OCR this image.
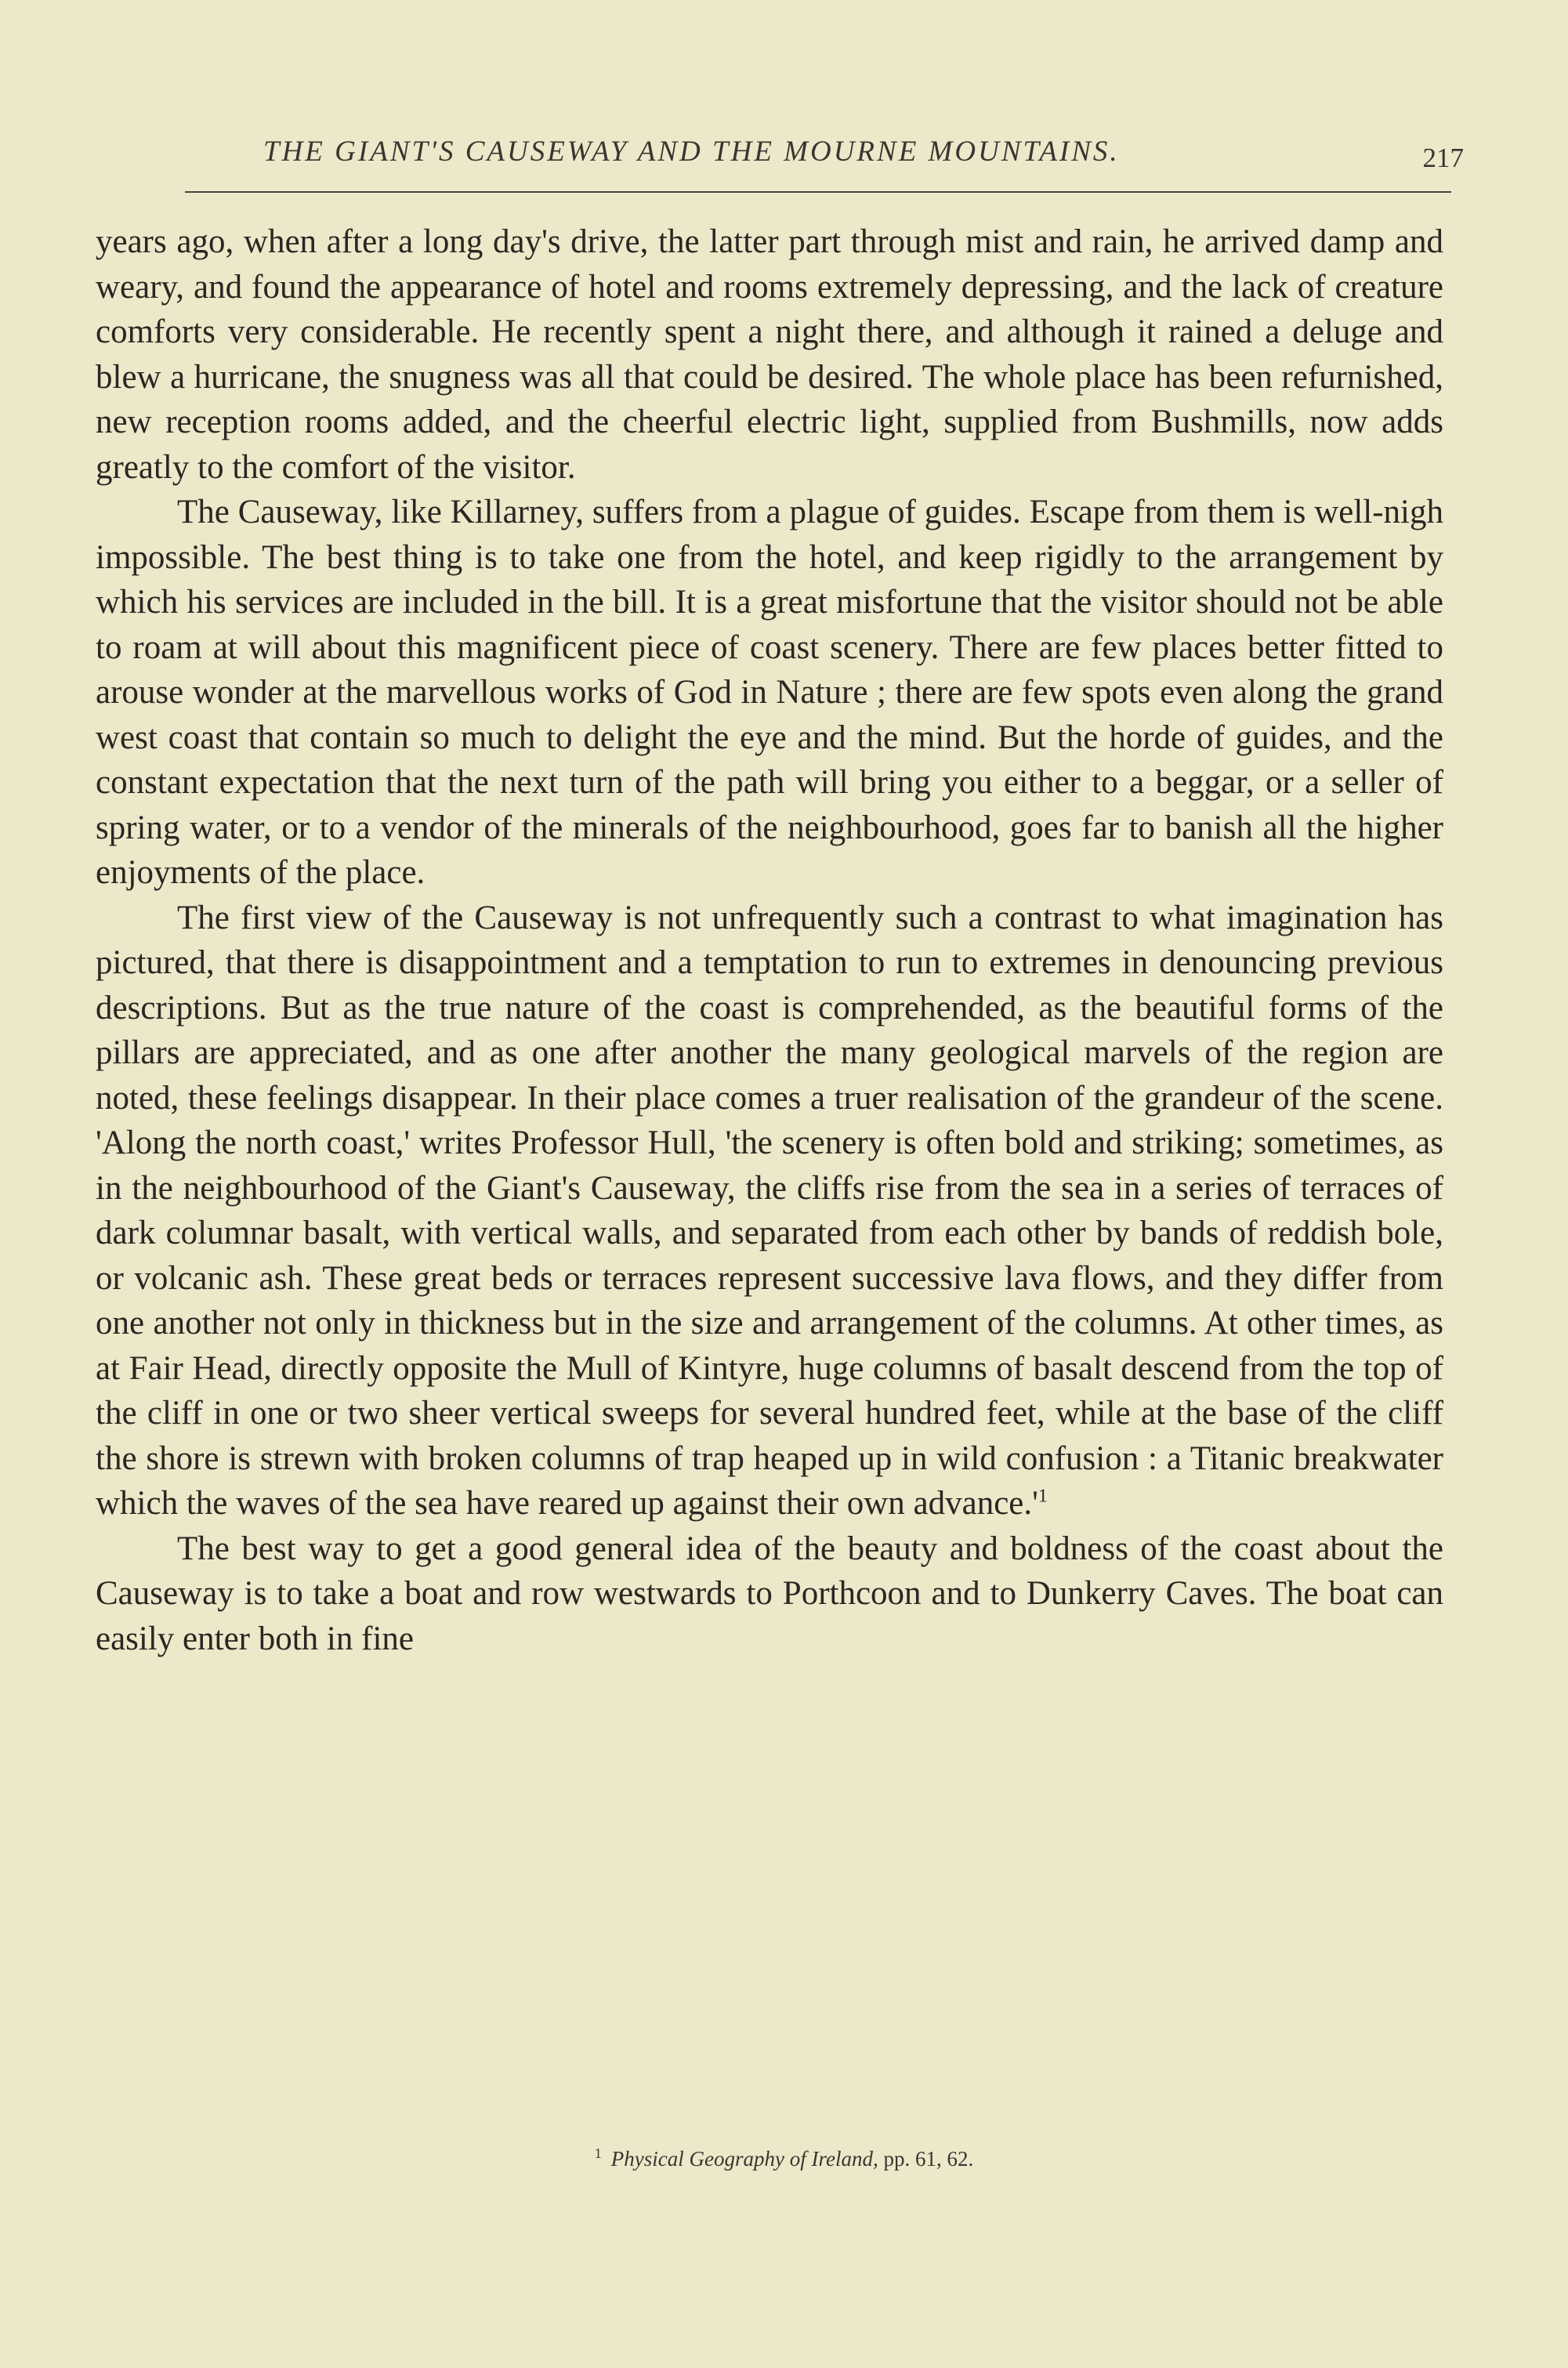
THE GIANT'S CAUSEWAY AND THE MOURNE MOUNTAINS.	217

years ago, when after a long day's drive, the latter part through mist and rain, he arrived damp and weary, and found the appearance of hotel and rooms extremely depressing, and the lack of creature comforts very considerable. He recently spent a night there, and although it rained a deluge and blew a hurricane, the snugness was all that could be desired. The whole place has been refurnished, new reception rooms added, and the cheerful electric light, supplied from Bushmills, now adds greatly to the comfort of the visitor.

The Causeway, like Killarney, suffers from a plague of guides. Escape from them is well-nigh impossible. The best thing is to take one from the hotel, and keep rigidly to the arrangement by which his services are included in the bill. It is a great misfortune that the visitor should not be able to roam at will about this magnificent piece of coast scenery. There are few places better fitted to arouse wonder at the marvellous works of God in Nature ; there are few spots even along the grand west coast that contain so much to delight the eye and the mind. But the horde of guides, and the constant expectation that the next turn of the path will bring you either to a beggar, or a seller of spring water, or to a vendor of the minerals of the neighbourhood, goes far to banish all the higher enjoyments of the place.

The first view of the Causeway is not unfrequently such a contrast to what imagination has pictured, that there is disappointment and a temptation to run to extremes in denouncing previous descriptions. But as the true nature of the coast is comprehended, as the beautiful forms of the pillars are appreciated, and as one after another the many geological marvels of the region are noted, these feelings disappear. In their place comes a truer realisation of the grandeur of the scene. 'Along the north coast,' writes Professor Hull, 'the scenery is often bold and striking; sometimes, as in the neighbourhood of the Giant's Causeway, the cliffs rise from the sea in a series of terraces of dark columnar basalt, with vertical walls, and separated from each other by bands of reddish bole, or volcanic ash. These great beds or terraces represent successive lava flows, and they differ from one another not only in thickness but in the size and arrangement of the columns. At other times, as at Fair Head, directly opposite the Mull of Kintyre, huge columns of basalt descend from the top of the cliff in one or two sheer vertical sweeps for several hundred feet, while at the base of the cliff the shore is strewn with broken columns of trap heaped up in wild confusion : a Titanic breakwater which the waves of the sea have reared up against their own advance.'$^1$

The best way to get a good general idea of the beauty and boldness of the coast about the Causeway is to take a boat and row westwards to Porthcoon and to Dunkerry Caves. The boat can easily enter both in fine

$^1$ Physical Geography of Ireland, pp. 61, 62.
